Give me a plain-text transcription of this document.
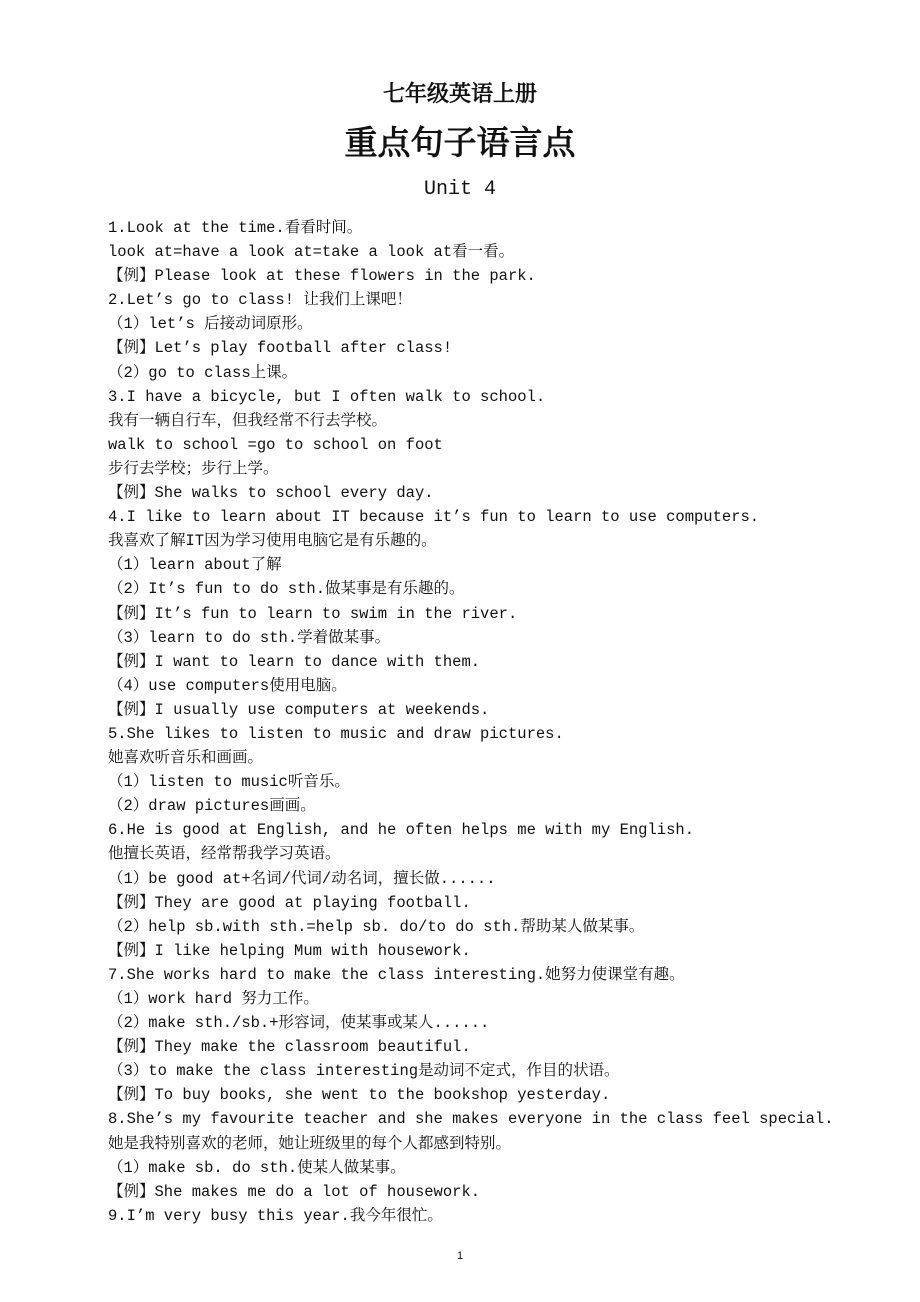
七年级英语上册
重点句子语言点
Unit 4
1.Look at the time.看看时间。
look at=have a look at=take a look at看一看。
【例】Please look at these flowers in the park.
2.Let’s go to class! 让我们上课吧！
（1）let’s 后接动词原形。
【例】Let’s play football after class!
（2）go to class上课。
3.I have a bicycle, but I often walk to school.
我有一辆自行车，但我经常不行去学校。
walk to school =go to school on foot
步行去学校；步行上学。
【例】She walks to school every day.
4.I like to learn about IT because it’s fun to learn to use computers.
我喜欢了解IT因为学习使用电脑它是有乐趣的。
（1）learn about了解
（2）It’s fun to do sth.做某事是有乐趣的。
【例】It’s fun to learn to swim in the river.
（3）learn to do sth.学着做某事。
【例】I want to learn to dance with them.
（4）use computers使用电脑。
【例】I usually use computers at weekends.
5.She likes to listen to music and draw pictures.
她喜欢听音乐和画画。
（1）listen to music听音乐。
（2）draw pictures画画。
6.He is good at English, and he often helps me with my English.
他擅长英语，经常帮我学习英语。
（1）be good at+名词/代词/动名词，擅长做......
【例】They are good at playing football.
（2）help sb.with sth.=help sb. do/to do sth.帮助某人做某事。
【例】I like helping Mum with housework.
7.She works hard to make the class interesting.她努力使课堂有趣。
（1）work hard 努力工作。
（2）make sth./sb.+形容词，使某事或某人......
【例】They make the classroom beautiful.
（3）to make the class interesting是动词不定式，作目的状语。
【例】To buy books, she went to the bookshop yesterday.
8.She’s my favourite teacher and she makes everyone in the class feel special.
她是我特别喜欢的老师，她让班级里的每个人都感到特别。
（1）make sb. do sth.使某人做某事。
【例】She makes me do a lot of housework.
9.I’m very busy this year.我今年很忙。
1
